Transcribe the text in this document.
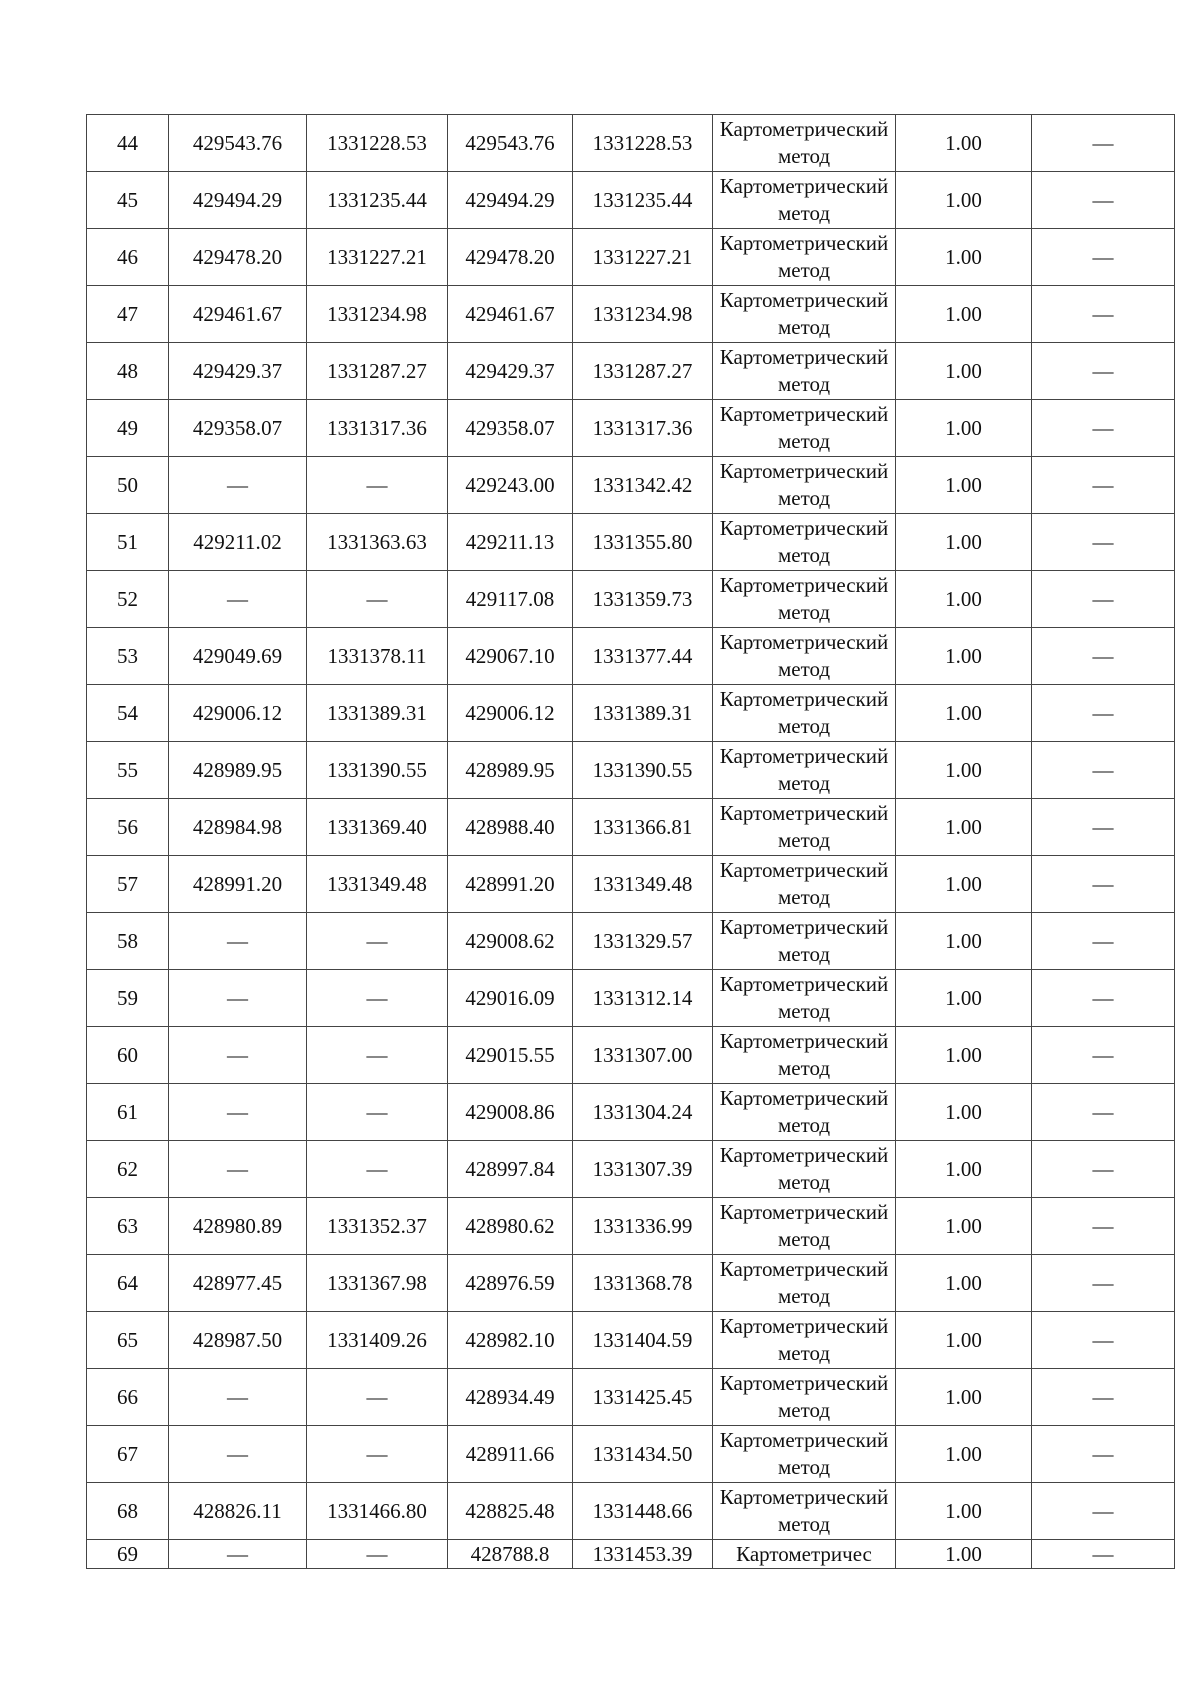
44	429543.76	1331228.53	429543.76	1331228.53	Картометрический метод	1.00	—
45	429494.29	1331235.44	429494.29	1331235.44	Картометрический метод	1.00	—
46	429478.20	1331227.21	429478.20	1331227.21	Картометрический метод	1.00	—
47	429461.67	1331234.98	429461.67	1331234.98	Картометрический метод	1.00	—
48	429429.37	1331287.27	429429.37	1331287.27	Картометрический метод	1.00	—
49	429358.07	1331317.36	429358.07	1331317.36	Картометрический метод	1.00	—
50	—	—	429243.00	1331342.42	Картометрический метод	1.00	—
51	429211.02	1331363.63	429211.13	1331355.80	Картометрический метод	1.00	—
52	—	—	429117.08	1331359.73	Картометрический метод	1.00	—
53	429049.69	1331378.11	429067.10	1331377.44	Картометрический метод	1.00	—
54	429006.12	1331389.31	429006.12	1331389.31	Картометрический метод	1.00	—
55	428989.95	1331390.55	428989.95	1331390.55	Картометрический метод	1.00	—
56	428984.98	1331369.40	428988.40	1331366.81	Картометрический метод	1.00	—
57	428991.20	1331349.48	428991.20	1331349.48	Картометрический метод	1.00	—
58	—	—	429008.62	1331329.57	Картометрический метод	1.00	—
59	—	—	429016.09	1331312.14	Картометрический метод	1.00	—
60	—	—	429015.55	1331307.00	Картометрический метод	1.00	—
61	—	—	429008.86	1331304.24	Картометрический метод	1.00	—
62	—	—	428997.84	1331307.39	Картометрический метод	1.00	—
63	428980.89	1331352.37	428980.62	1331336.99	Картометрический метод	1.00	—
64	428977.45	1331367.98	428976.59	1331368.78	Картометрический метод	1.00	—
65	428987.50	1331409.26	428982.10	1331404.59	Картометрический метод	1.00	—
66	—	—	428934.49	1331425.45	Картометрический метод	1.00	—
67	—	—	428911.66	1331434.50	Картометрический метод	1.00	—
68	428826.11	1331466.80	428825.48	1331448.66	Картометрический метод	1.00	—
69	—	—	428788.8	1331453.39	Картометричес	1.00	—
